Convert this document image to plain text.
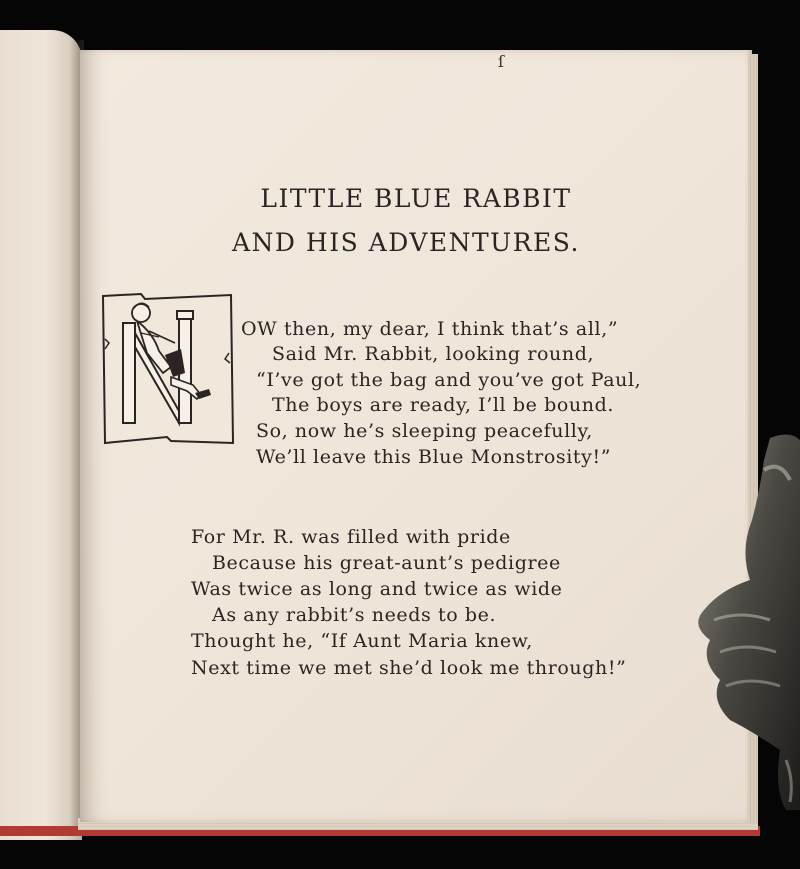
ſ
LITTLE BLUE RABBIT
AND HIS ADVENTURES.
OW then, my dear, I think that’s all,”
Said Mr. Rabbit, looking round,
“I’ve got the bag and you’ve got Paul,
The boys are ready, I’ll be bound.
So, now he’s sleeping peacefully,
We’ll leave this Blue Monstrosity!”
For Mr. R. was filled with pride
Because his great-aunt’s pedigree
Was twice as long and twice as wide
As any rabbit’s needs to be.
Thought he, “If Aunt Maria knew,
Next time we met she’d look me through!”
